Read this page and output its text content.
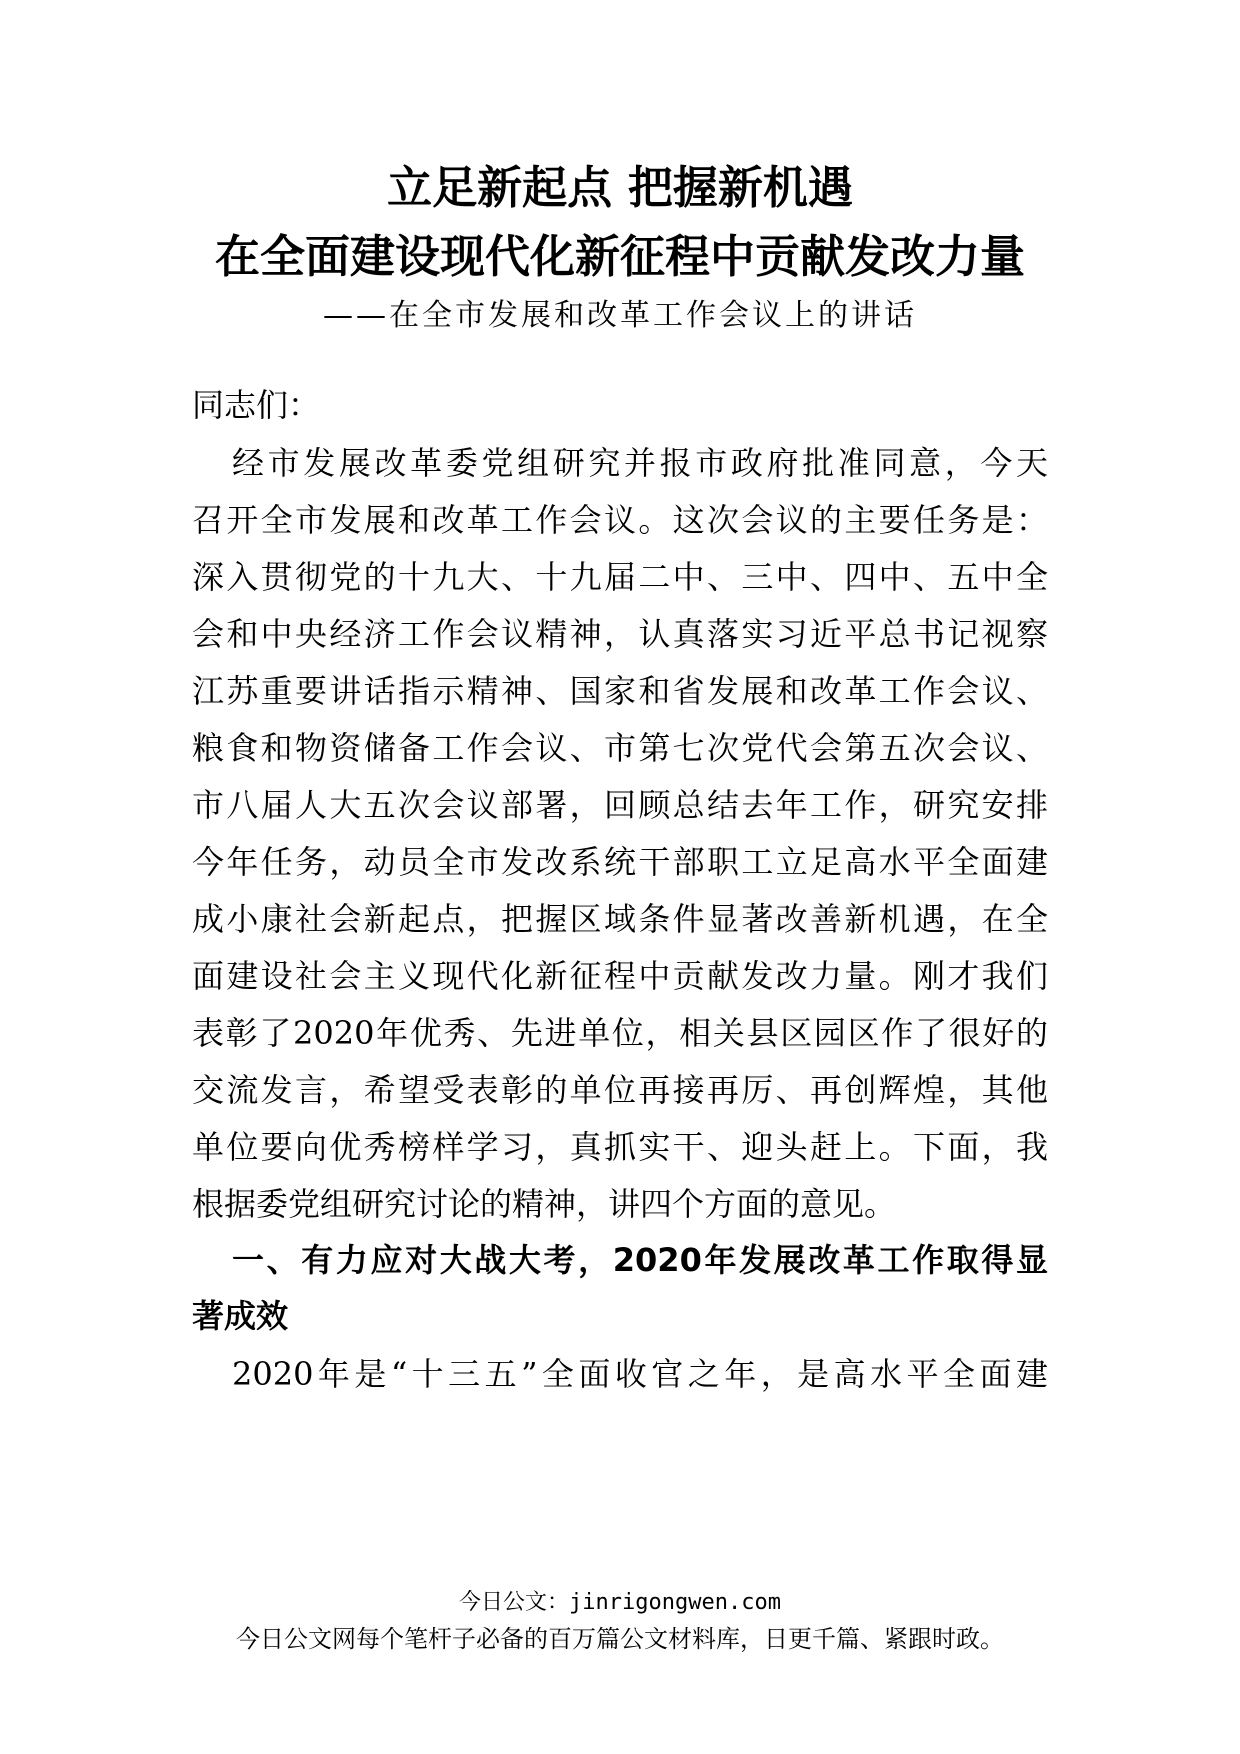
立足新起点 把握新机遇
在全面建设现代化新征程中贡献发改力量
——在全市发展和改革工作会议上的讲话
同志们：
经市发展改革委党组研究并报市政府批准同意，今天
召开全市发展和改革工作会议。这次会议的主要任务是：
深入贯彻党的十九大、十九届二中、三中、四中、五中全
会和中央经济工作会议精神，认真落实习近平总书记视察
江苏重要讲话指示精神、国家和省发展和改革工作会议、
粮食和物资储备工作会议、市第七次党代会第五次会议、
市八届人大五次会议部署，回顾总结去年工作，研究安排
今年任务，动员全市发改系统干部职工立足高水平全面建
成小康社会新起点，把握区域条件显著改善新机遇，在全
面建设社会主义现代化新征程中贡献发改力量。刚才我们
表彰了2020年优秀、先进单位，相关县区园区作了很好的
交流发言，希望受表彰的单位再接再厉、再创辉煌，其他
单位要向优秀榜样学习，真抓实干、迎头赶上。下面，我
根据委党组研究讨论的精神，讲四个方面的意见。
一、有力应对大战大考，2020年发展改革工作取得显
著成效
2020年是“十三五”全面收官之年，是高水平全面建
今日公文：jinrigongwen.com
今日公文网每个笔杆子必备的百万篇公文材料库，日更千篇、紧跟时政。
